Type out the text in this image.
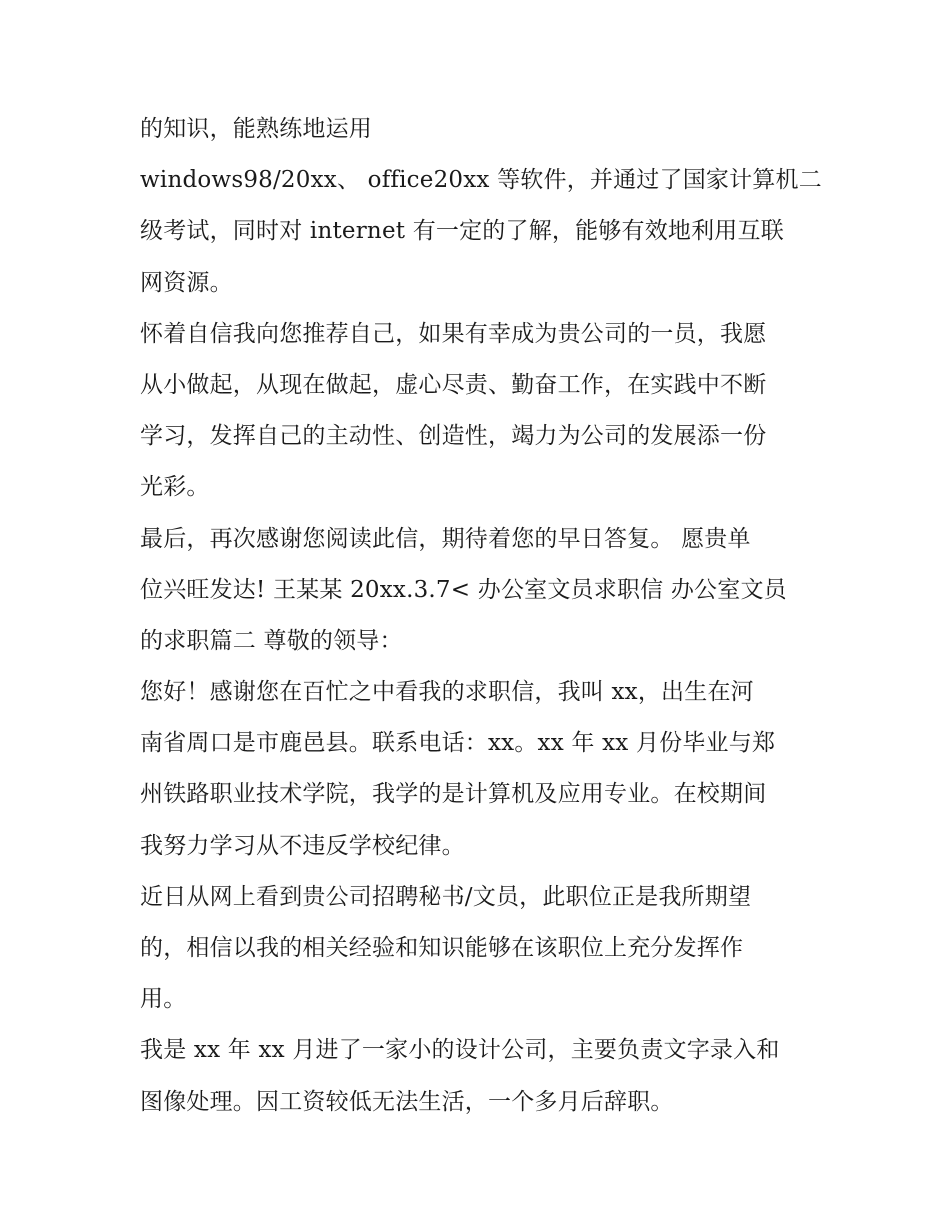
的知识，能熟练地运用
windows98/20xx、 office20xx 等软件，并通过了国家计算机二
级考试，同时对 internet 有一定的了解，能够有效地利用互联
网资源。
怀着自信我向您推荐自己，如果有幸成为贵公司的一员，我愿
从小做起，从现在做起，虚心尽责、勤奋工作，在实践中不断
学习，发挥自己的主动性、创造性，竭力为公司的发展添一份
光彩。
最后，再次感谢您阅读此信，期待着您的早日答复。 愿贵单
位兴旺发达! 王某某 20xx.3.7< 办公室文员求职信 办公室文员
的求职篇二 尊敬的领导：
您好！感谢您在百忙之中看我的求职信，我叫 xx，出生在河
南省周口是市鹿邑县。联系电话：xx。xx 年 xx 月份毕业与郑
州铁路职业技术学院，我学的是计算机及应用专业。在校期间
我努力学习从不违反学校纪律。
近日从网上看到贵公司招聘秘书/文员，此职位正是我所期望
的，相信以我的相关经验和知识能够在该职位上充分发挥作
用。
我是 xx 年 xx 月进了一家小的设计公司，主要负责文字录入和
图像处理。因工资较低无法生活，一个多月后辞职。
